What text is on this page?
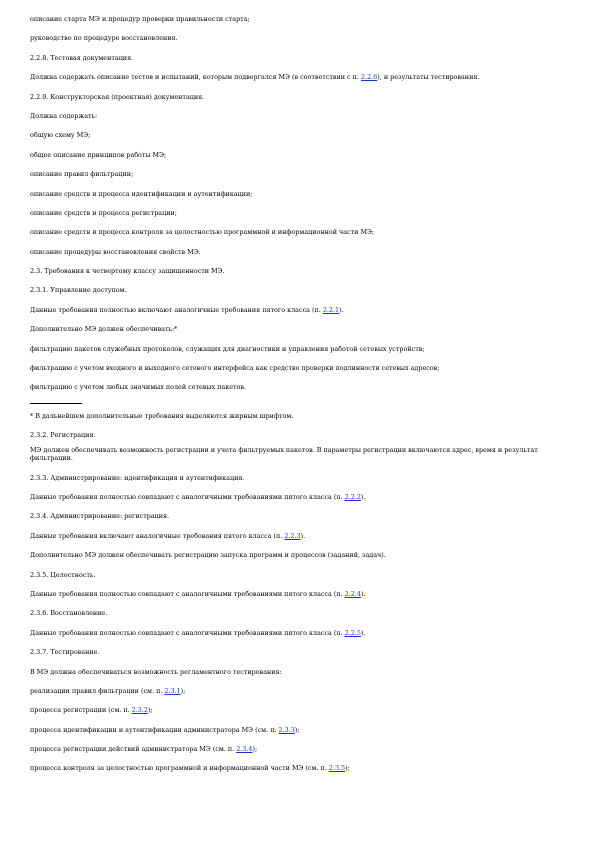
описание старта МЭ и процедур проверки правильности старта;

руководство по процедуре восстановления.

2.2.8. Тестовая документация.

Должна содержать описание тестов и испытаний, которым подвергался МЭ (в соответствии с п. 2.2.6), и результаты тестирования.

2.2.9. Конструкторская (проектная) документация.

Должна содержать:

общую схему МЭ;

общее описание принципов работы МЭ;

описание правил фильтрации;

описание средств и процесса идентификации и аутентификации;

описание средств и процесса регистрации;

описание средств и процесса контроля за целостностью программной и информационной части МЭ;

описание процедуры восстановления свойств МЭ.

2.3. Требования к четвертому классу защищенности МЭ.

2.3.1. Управление доступом.

Данные требования полностью включают аналогичные требования пятого класса (п. 2.2.1).

Дополнительно МЭ должен обеспечивать:*

фильтрацию пакетов служебных протоколов, служащих для диагностики и управления работой сетевых устройств;

фильтрацию с учетом входного и выходного сетевого интерфейса как средство проверки подлинности сетевых адресов;

фильтрацию с учетом любых значимых полей сетевых пакетов.

* В дальнейшем дополнительные требования выделяются жирным шрифтом.

2.3.2. Регистрация.

МЭ должен обеспечивать возможность регистрации и учета фильтруемых пакетов. В параметры регистрации включаются адрес, время и результат фильтрации.

2.3.3. Администрирование: идентификация и аутентификация.

Данные требования полностью совпадают с аналогичными требованиями пятого класса (п. 2.2.2).

2.3.4. Администрирование: регистрация.

Данные требования включают аналогичные требования пятого класса (п. 2.2.3).

Дополнительно МЭ должен обеспечивать регистрацию запуска программ и процессов (заданий, задач).

2.3.5. Целостность.

Данные требования полностью совпадают с аналогичными требованиями пятого класса (п. 2.2.4).

2.3.6. Восстановление.

Данные требования полностью совпадают с аналогичными требованиями пятого класса (п. 2.2.5).

2.3.7. Тестирование.

В МЭ должна обеспечиваться возможность регламентного тестирования:

реализации правил фильтрации (см. п. 2.3.1);

процесса регистрации (см. п. 2.3.2);

процесса идентификации и аутентификации администратора МЭ (см. п. 2.3.3);

процесса регистрации действий администратора МЭ (см. п. 2.3.4);

процесса контроля за целостностью программной и информационной части МЭ (см. п. 2.3.5);
